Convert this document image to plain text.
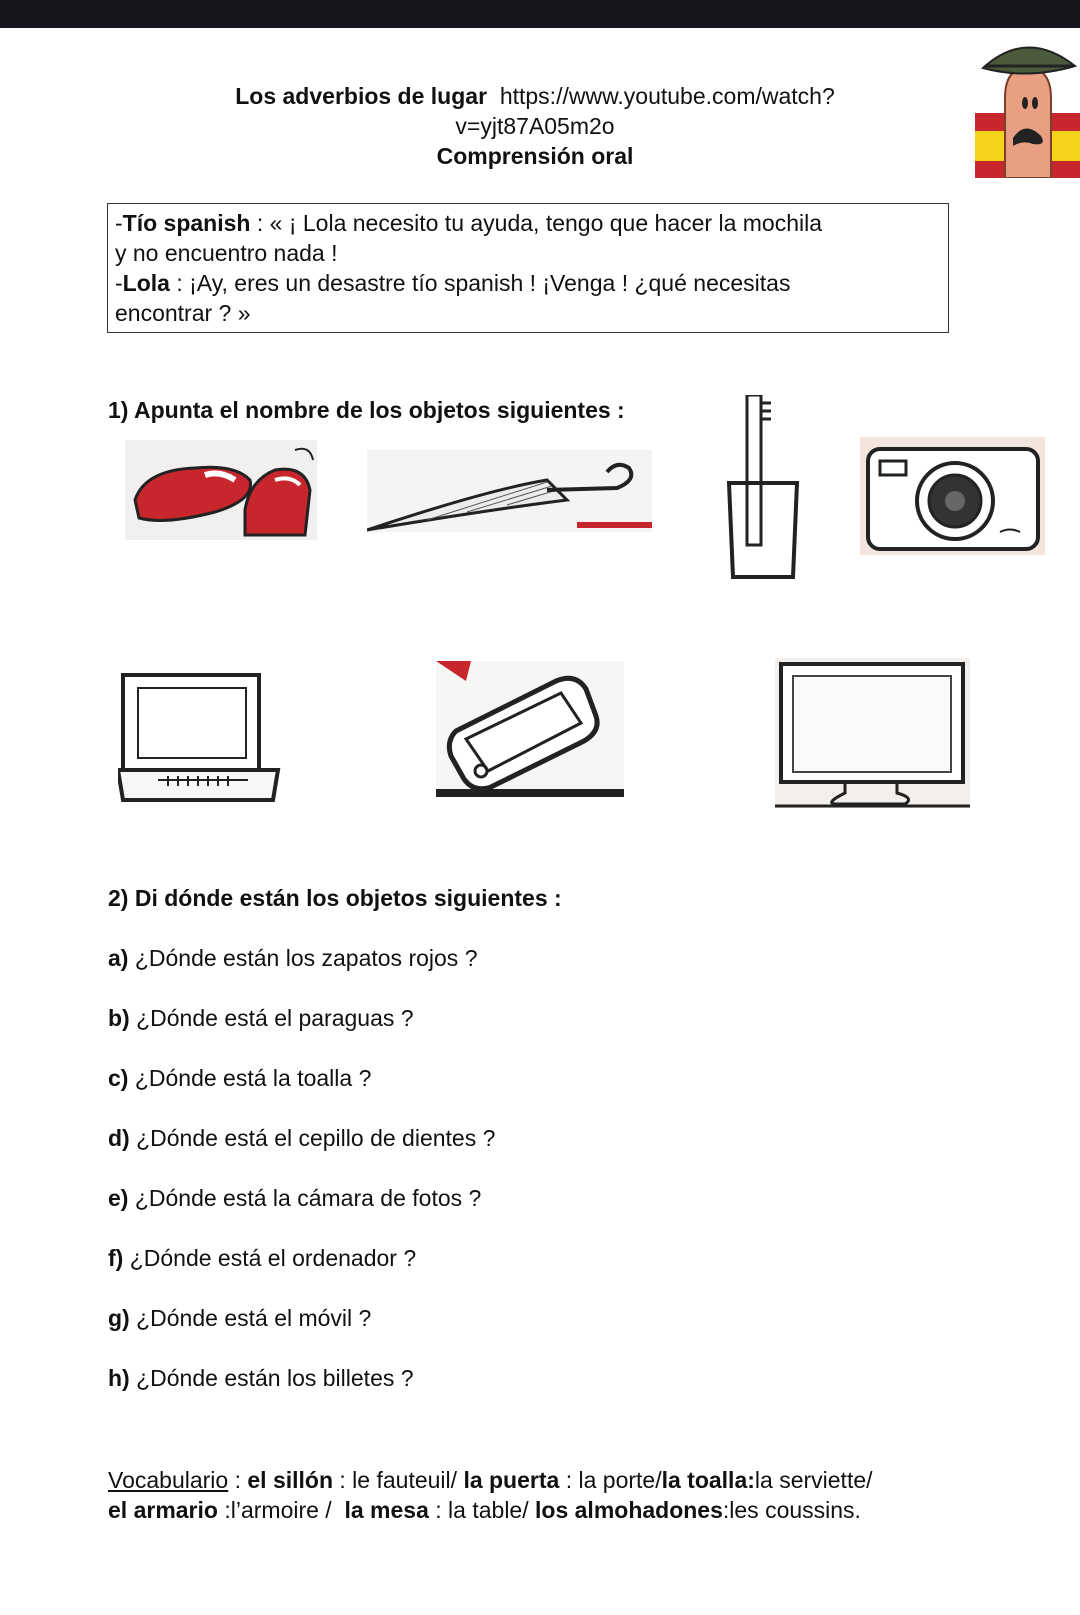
Los adverbios de lugar https://www.youtube.com/watch?
v=yjt87A05m2o
Comprensión oral
-Tío spanish : « ¡ Lola necesito tu ayuda, tengo que hacer la mochila
y no encuentro nada !
-Lola : ¡Ay, eres un desastre tío spanish ! ¡Venga ! ¿qué necesitas
encontrar ? »
1) Apunta el nombre de los objetos siguientes :
2) Di dónde están los objetos siguientes :
a) ¿Dónde están los zapatos rojos ?
b) ¿Dónde está el paraguas ?
c) ¿Dónde está la toalla ?
d) ¿Dónde está el cepillo de dientes ?
e) ¿Dónde está la cámara de fotos ?
f) ¿Dónde está el ordenador ?
g) ¿Dónde está el móvil ?
h) ¿Dónde están los billetes ?
Vocabulario : el sillón : le fauteuil/ la puerta : la porte/la toalla:la serviette/
el armario :l’armoire /  la mesa : la table/ los almohadones:les coussins.
